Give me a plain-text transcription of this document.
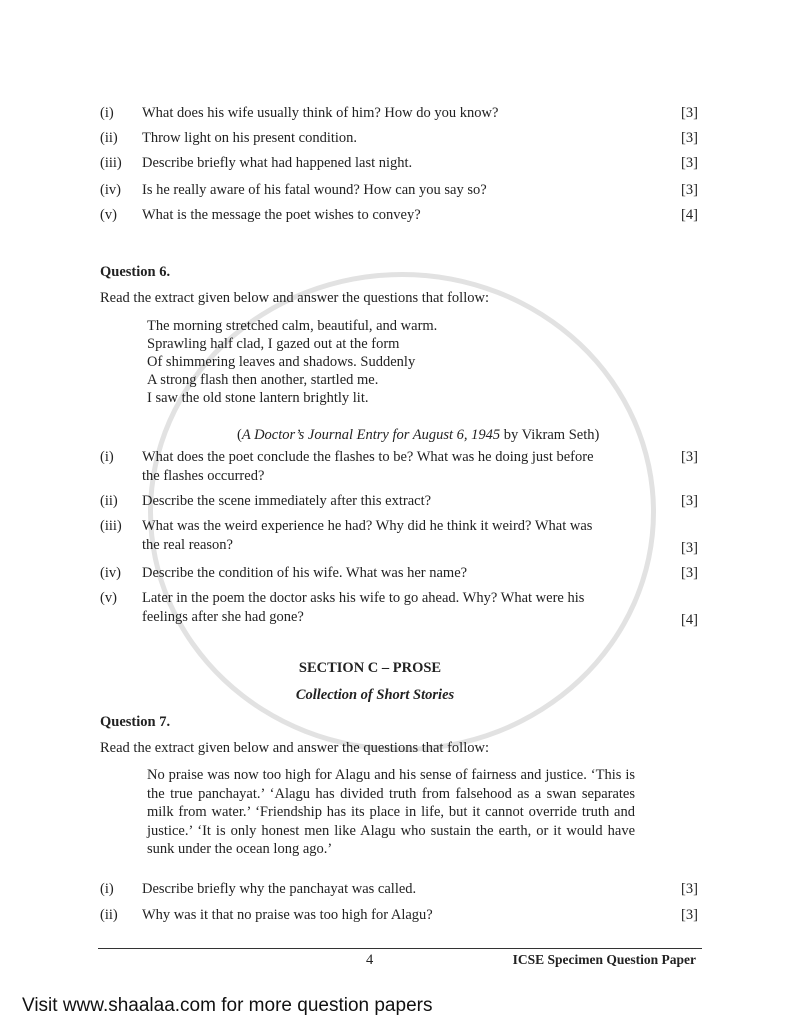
(i) What does his wife usually think of him? How do you know?	[3]
(ii) Throw light on his present condition.	[3]
(iii) Describe briefly what had happened last night.	[3]
(iv) Is he really aware of his fatal wound? How can you say so?	[3]
(v) What is the message the poet wishes to convey?	[4]
Question 6.
Read the extract given below and answer the questions that follow:
The morning stretched calm, beautiful, and warm.
Sprawling half clad, I gazed out at the form
Of shimmering leaves and shadows. Suddenly
A strong flash then another, startled me.
I saw the old stone lantern brightly lit.
(A Doctor’s Journal Entry for August 6, 1945 by Vikram Seth)
(i) What does the poet conclude the flashes to be? What was he doing just before
the flashes occurred?
[3]
(ii) Describe the scene immediately after this extract?	[3]
(iii) What was the weird experience he had? Why did he think it weird? What was
the real reason?	[3]
(iv) Describe the condition of his wife. What was her name?	[3]
(v) Later in the poem the doctor asks his wife to go ahead. Why? What were his
feelings after she had gone?	[4]
SECTION C – PROSE
Collection of Short Stories
Question 7.
Read the extract given below and answer the questions that follow:

No praise was now too high for Alagu and his sense of fairness and justice. ‘This is the true panchayat.’ ‘Alagu has divided truth from falsehood as a swan separates milk from water.’ ‘Friendship has its place in life, but it cannot override truth and justice.’ ‘It is only honest men like Alagu who sustain the earth, or it would have sunk under the ocean long ago.’

(i) Describe briefly why the panchayat was called.	[3]
(ii) Why was it that no praise was too high for Alagu?	[3]
4	ICSE Specimen Question Paper
Visit www.shaalaa.com for more question papers
